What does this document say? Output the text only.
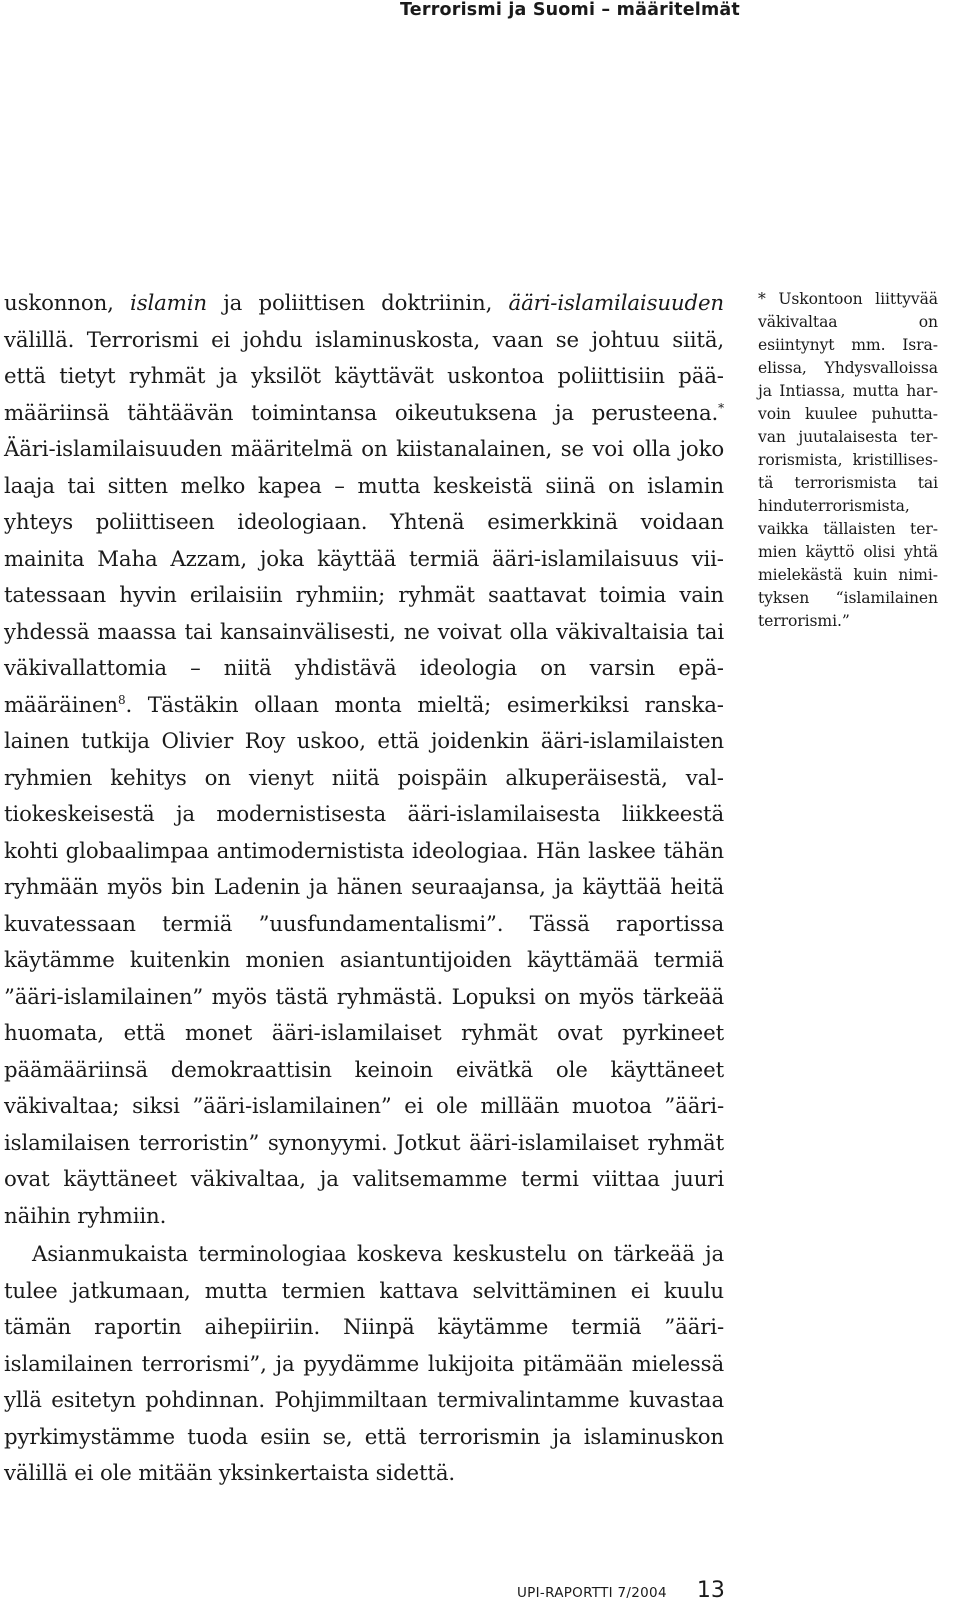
Terrorismi ja Suomi – määritelmät

uskonnon, islamin ja poliittisen doktriinin, ääri-islamilaisuuden välillä. Terrorismi ei johdu islaminuskosta, vaan se johtuu siitä, että tietyt ryhmät ja yksilöt käyttävät uskontoa poliittisiin päämääriinsä tähtäävän toimintansa oikeutuksena ja perusteena.* Ääri-islamilaisuuden määritelmä on kiistanalainen, se voi olla joko laaja tai sitten melko kapea – mutta keskeistä siinä on islamin yhteys poliittiseen ideologiaan. Yhtenä esimerkkinä voidaan mainita Maha Azzam, joka käyttää termiä ääri-islamilaisuus viitatessaan hyvin erilaisiin ryhmiin; ryhmät saattavat toimia vain yhdessä maassa tai kansainvälisesti, ne voivat olla väkivaltaisia tai väkivallattomia – niitä yhdistävä ideologia on varsin epämääräinen$^8$. Tästäkin ollaan monta mieltä; esimerkiksi ranskalainen tutkija Olivier Roy uskoo, että joidenkin ääri-islamilaisten ryhmien kehitys on vienyt niitä poispäin alkuperäisestä, valtiokeskeisestä ja modernistisesta ääri-islamilaisesta liikkeestä kohti globaalimpaa antimodernistista ideologiaa. Hän laskee tähän ryhmään myös bin Ladenin ja hänen seuraajansa, ja käyttää heitä kuvatessaan termiä ”uusfundamentalismi”. Tässä raportissa käytämme kuitenkin monien asiantuntijoiden käyttämää termiä ”ääri-islamilainen” myös tästä ryhmästä. Lopuksi on myös tärkeää huomata, että monet ääri-islamilaiset ryhmät ovat pyrkineet päämääriinsä demokraattisin keinoin eivätkä ole käyttäneet väkivaltaa; siksi ”ääri-islamilainen” ei ole millään muotoa ”ääri-islamilaisen terroristin” synonyymi. Jotkut ääri-islamilaiset ryhmät ovat käyttäneet väkivaltaa, ja valitsemamme termi viittaa juuri näihin ryhmiin.

Asianmukaista terminologiaa koskeva keskustelu on tärkeää ja tulee jatkumaan, mutta termien kattava selvittäminen ei kuulu tämän raportin aihepiiriin. Niinpä käytämme termiä ”ääri-islamilainen terrorismi”, ja pyydämme lukijoita pitämään mielessä yllä esitetyn pohdinnan. Pohjimmiltaan termivalintamme kuvastaa pyrkimystämme tuoda esiin se, että terrorismin ja islaminuskon välillä ei ole mitään yksinkertaista sidettä.

* Uskontoon liittyvää väkivaltaa on esiintynyt mm. Israelissa, Yhdysvalloissa ja Intiassa, mutta harvoin kuulee puhuttavan juutalaisesta terrorismista, kristillisestä terrorismista tai hinduterrorismista, vaikka tällaisten termien käyttö olisi yhtä mielekästä kuin nimityksen “islamilainen terrorismi.”

UPI-RAPORTTI 7/2004 13
